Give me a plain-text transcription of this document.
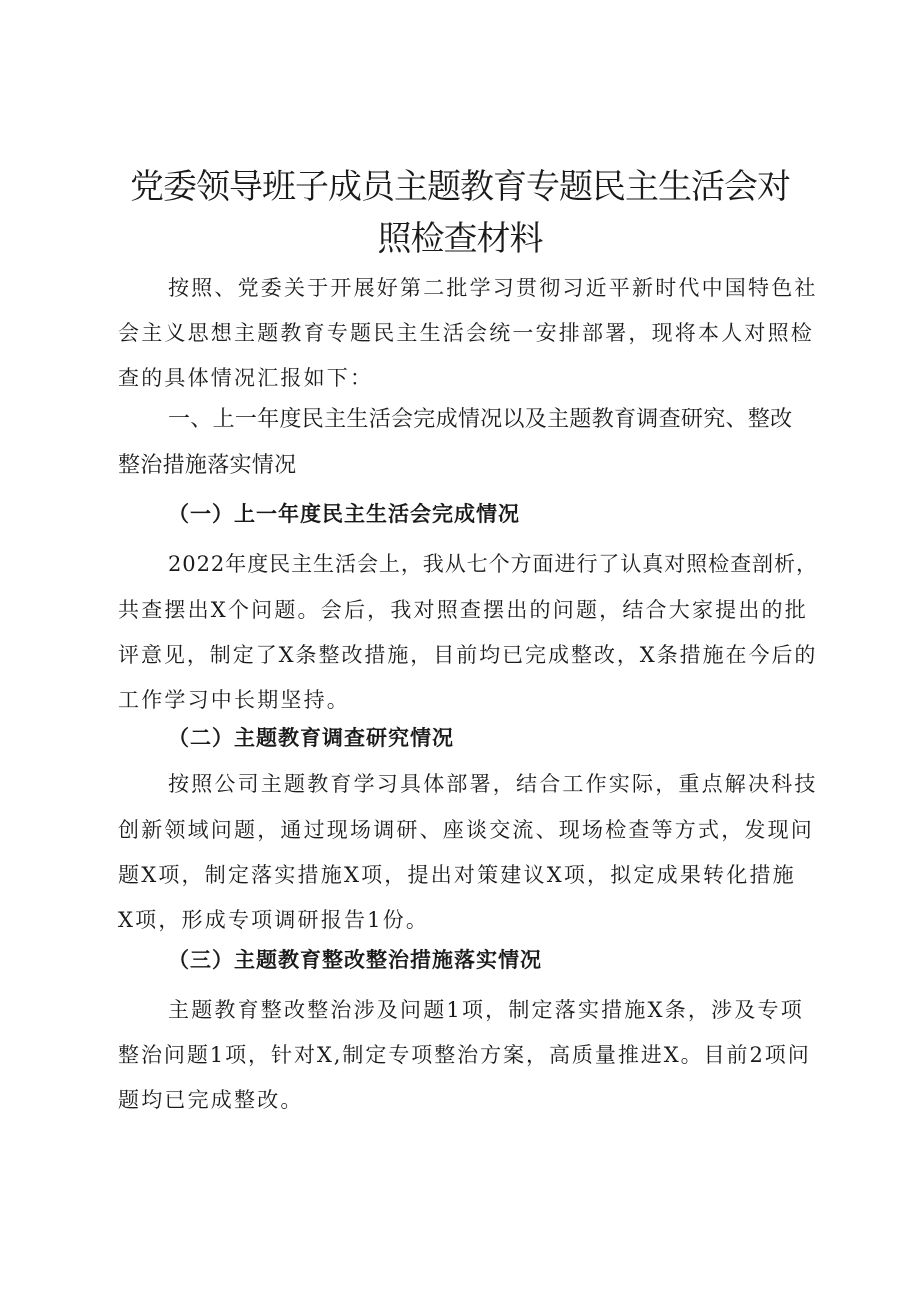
党委领导班子成员主题教育专题民主生活会对
照检查材料
按照、党委关于开展好第二批学习贯彻习近平新时代中国特色社
会主义思想主题教育专题民主生活会统一安排部署，现将本人对照检
查的具体情况汇报如下：
一、上一年度民主生活会完成情况以及主题教育调查研究、整改
整治措施落实情况
（一）上一年度民主生活会完成情况
2022年度民主生活会上，我从七个方面进行了认真对照检查剖析，
共查摆出X个问题。会后，我对照查摆出的问题，结合大家提出的批
评意见，制定了X条整改措施，目前均已完成整改，X条措施在今后的
工作学习中长期坚持。
（二）主题教育调查研究情况
按照公司主题教育学习具体部署，结合工作实际，重点解决科技
创新领域问题，通过现场调研、座谈交流、现场检查等方式，发现问
题X项，制定落实措施X项，提出对策建议X项，拟定成果转化措施
X项，形成专项调研报告1份。
（三）主题教育整改整治措施落实情况
主题教育整改整治涉及问题1项，制定落实措施X条，涉及专项
整治问题1项，针对X,制定专项整治方案，高质量推进X。目前2项问
题均已完成整改。
